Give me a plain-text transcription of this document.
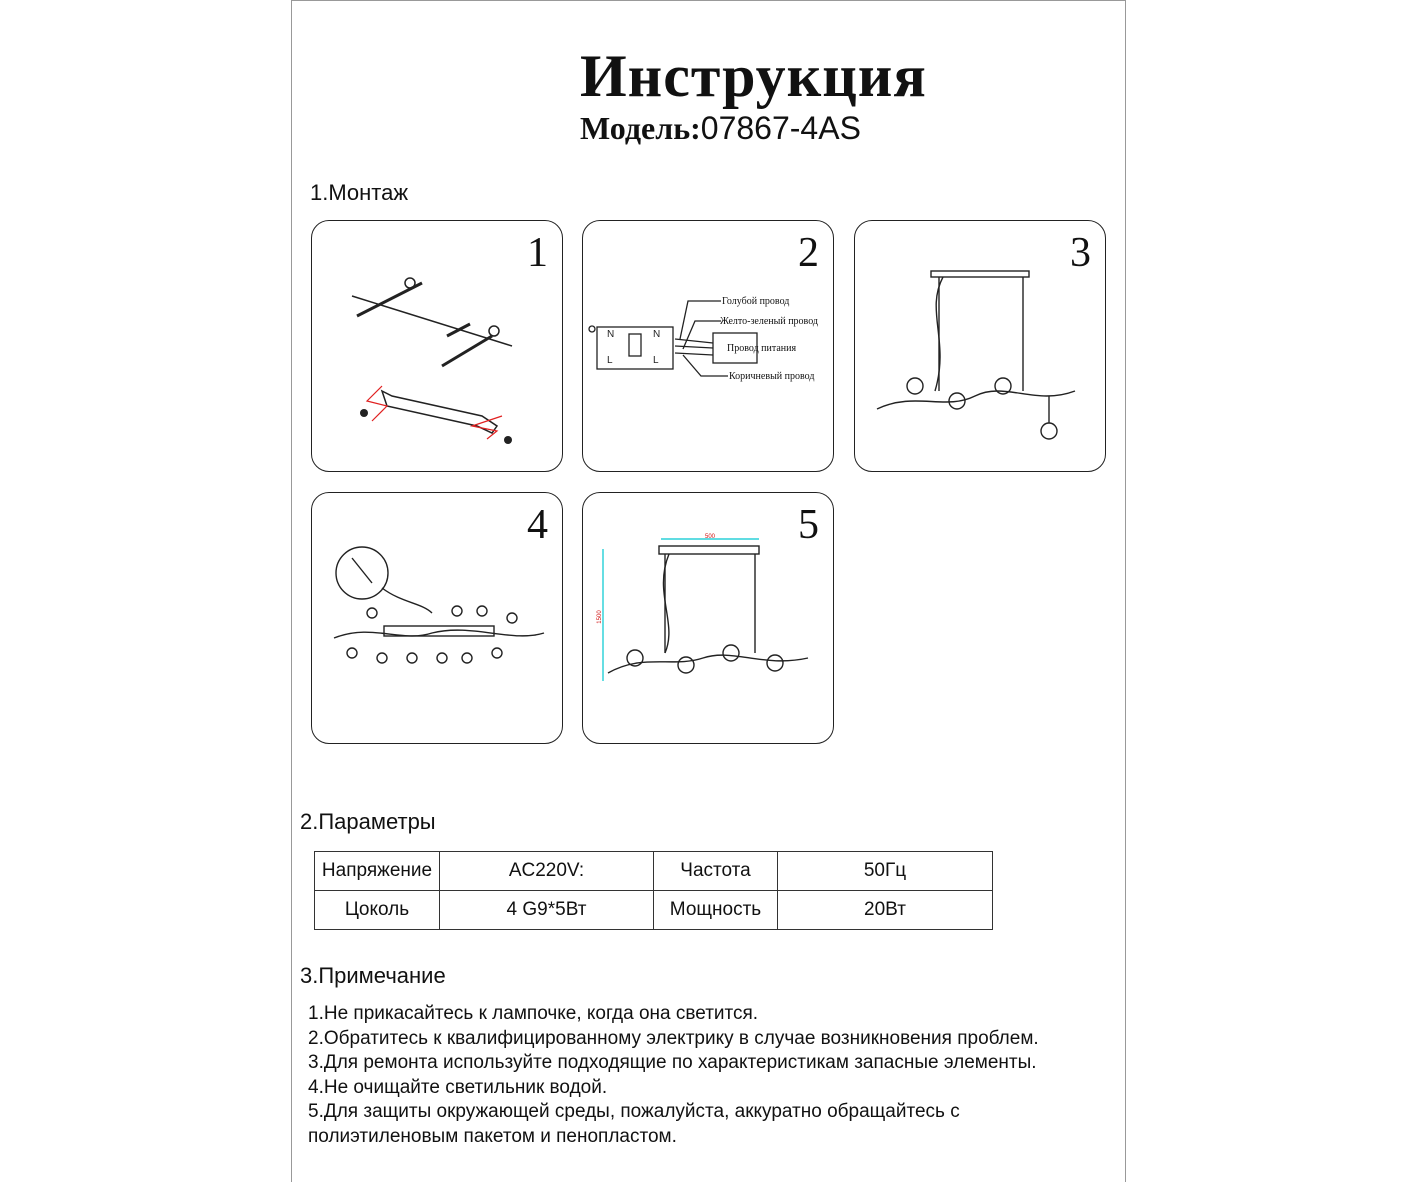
Инструкция
Модель:07867-4AS
1.Монтаж
1	2
N
L
N
L
Голубой провод
Желто-зеленый провод
Провод питания
Коричневый провод
3
4	5
500
1500
2.Параметры
Напряжение	AC220V:	Частота	50Гц
Цоколь	4 G9*5Вт	Мощность	20Вт
3.Примечание
1.Не прикасайтесь к лампочке, когда она светится.
2.Обратитесь к квалифицированному электрику в случае возникновения проблем.
3.Для ремонта используйте подходящие по характеристикам запасные элементы.
4.Не очищайте светильник водой.
5.Для защиты окружающей среды, пожалуйста, аккуратно обращайтесь с
полиэтиленовым пакетом и пенопластом.
